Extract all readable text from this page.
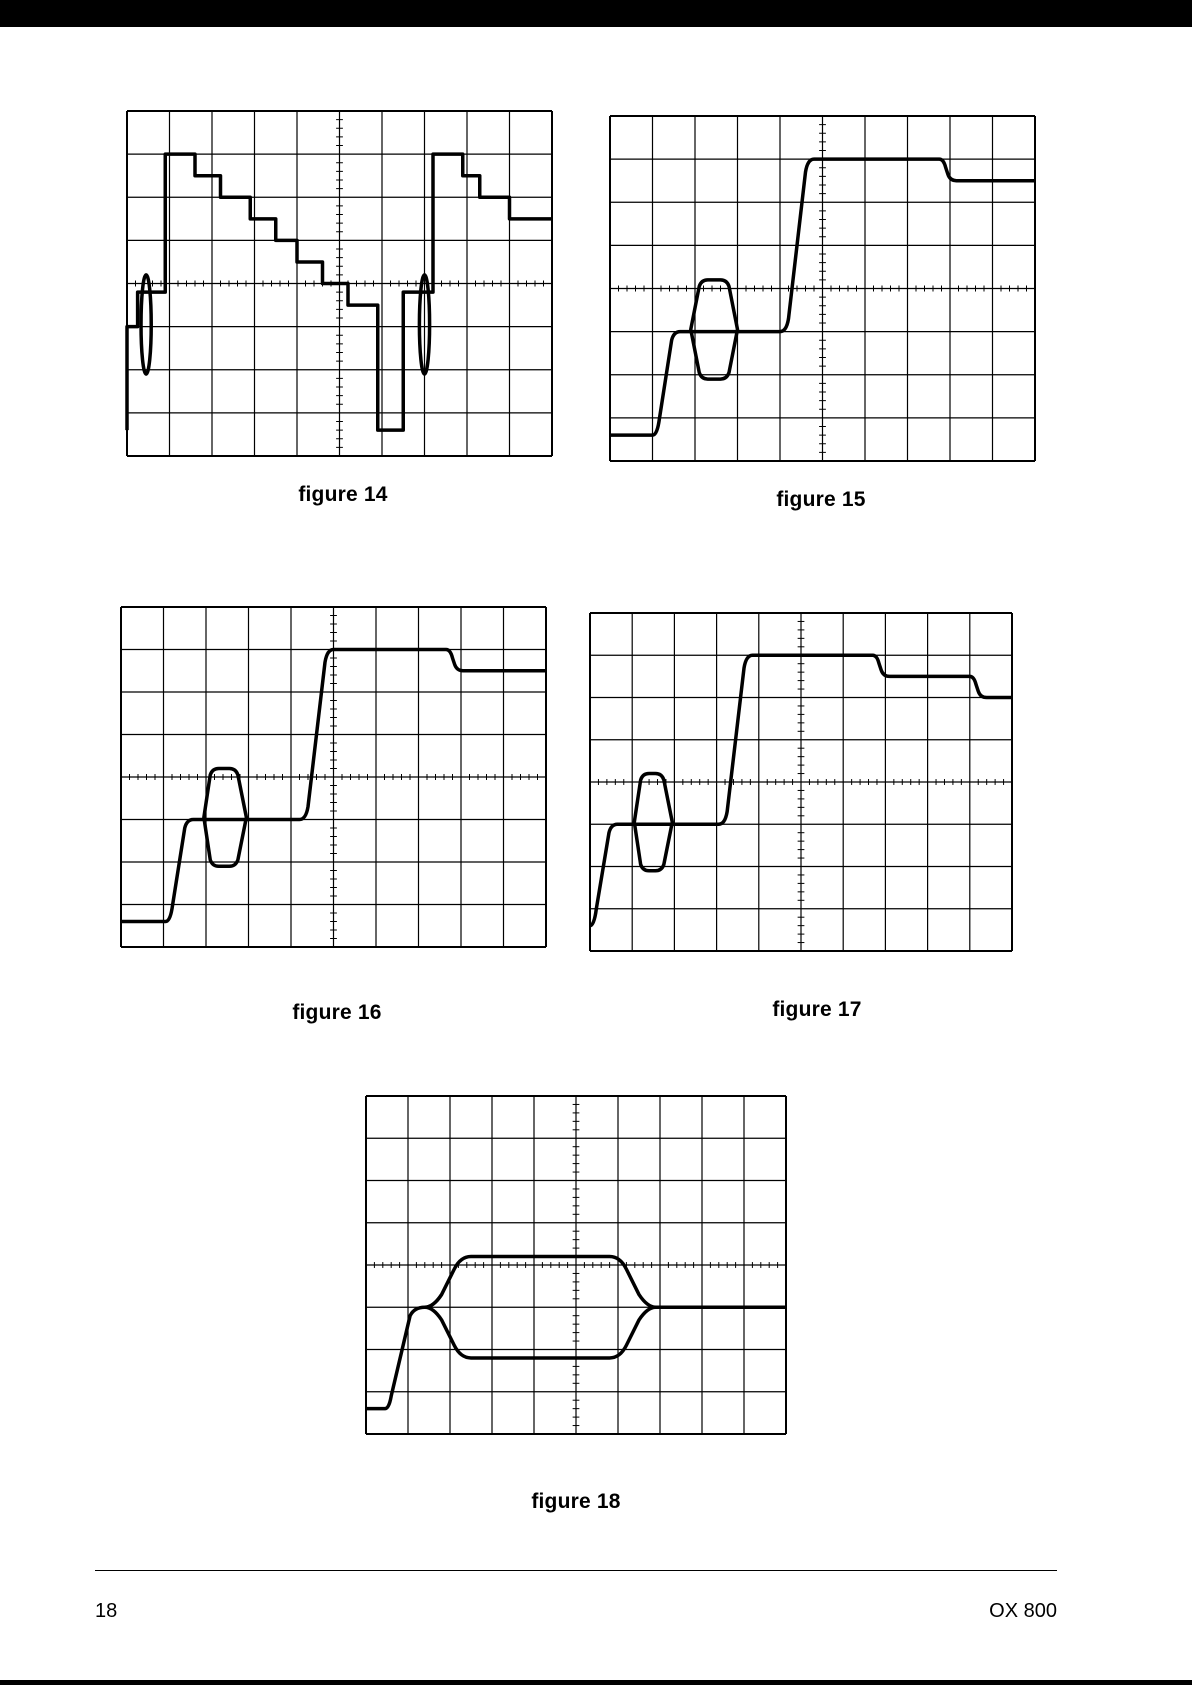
figure 14	figure 15

figure 16	figure 17

figure 18

18	OX 800
